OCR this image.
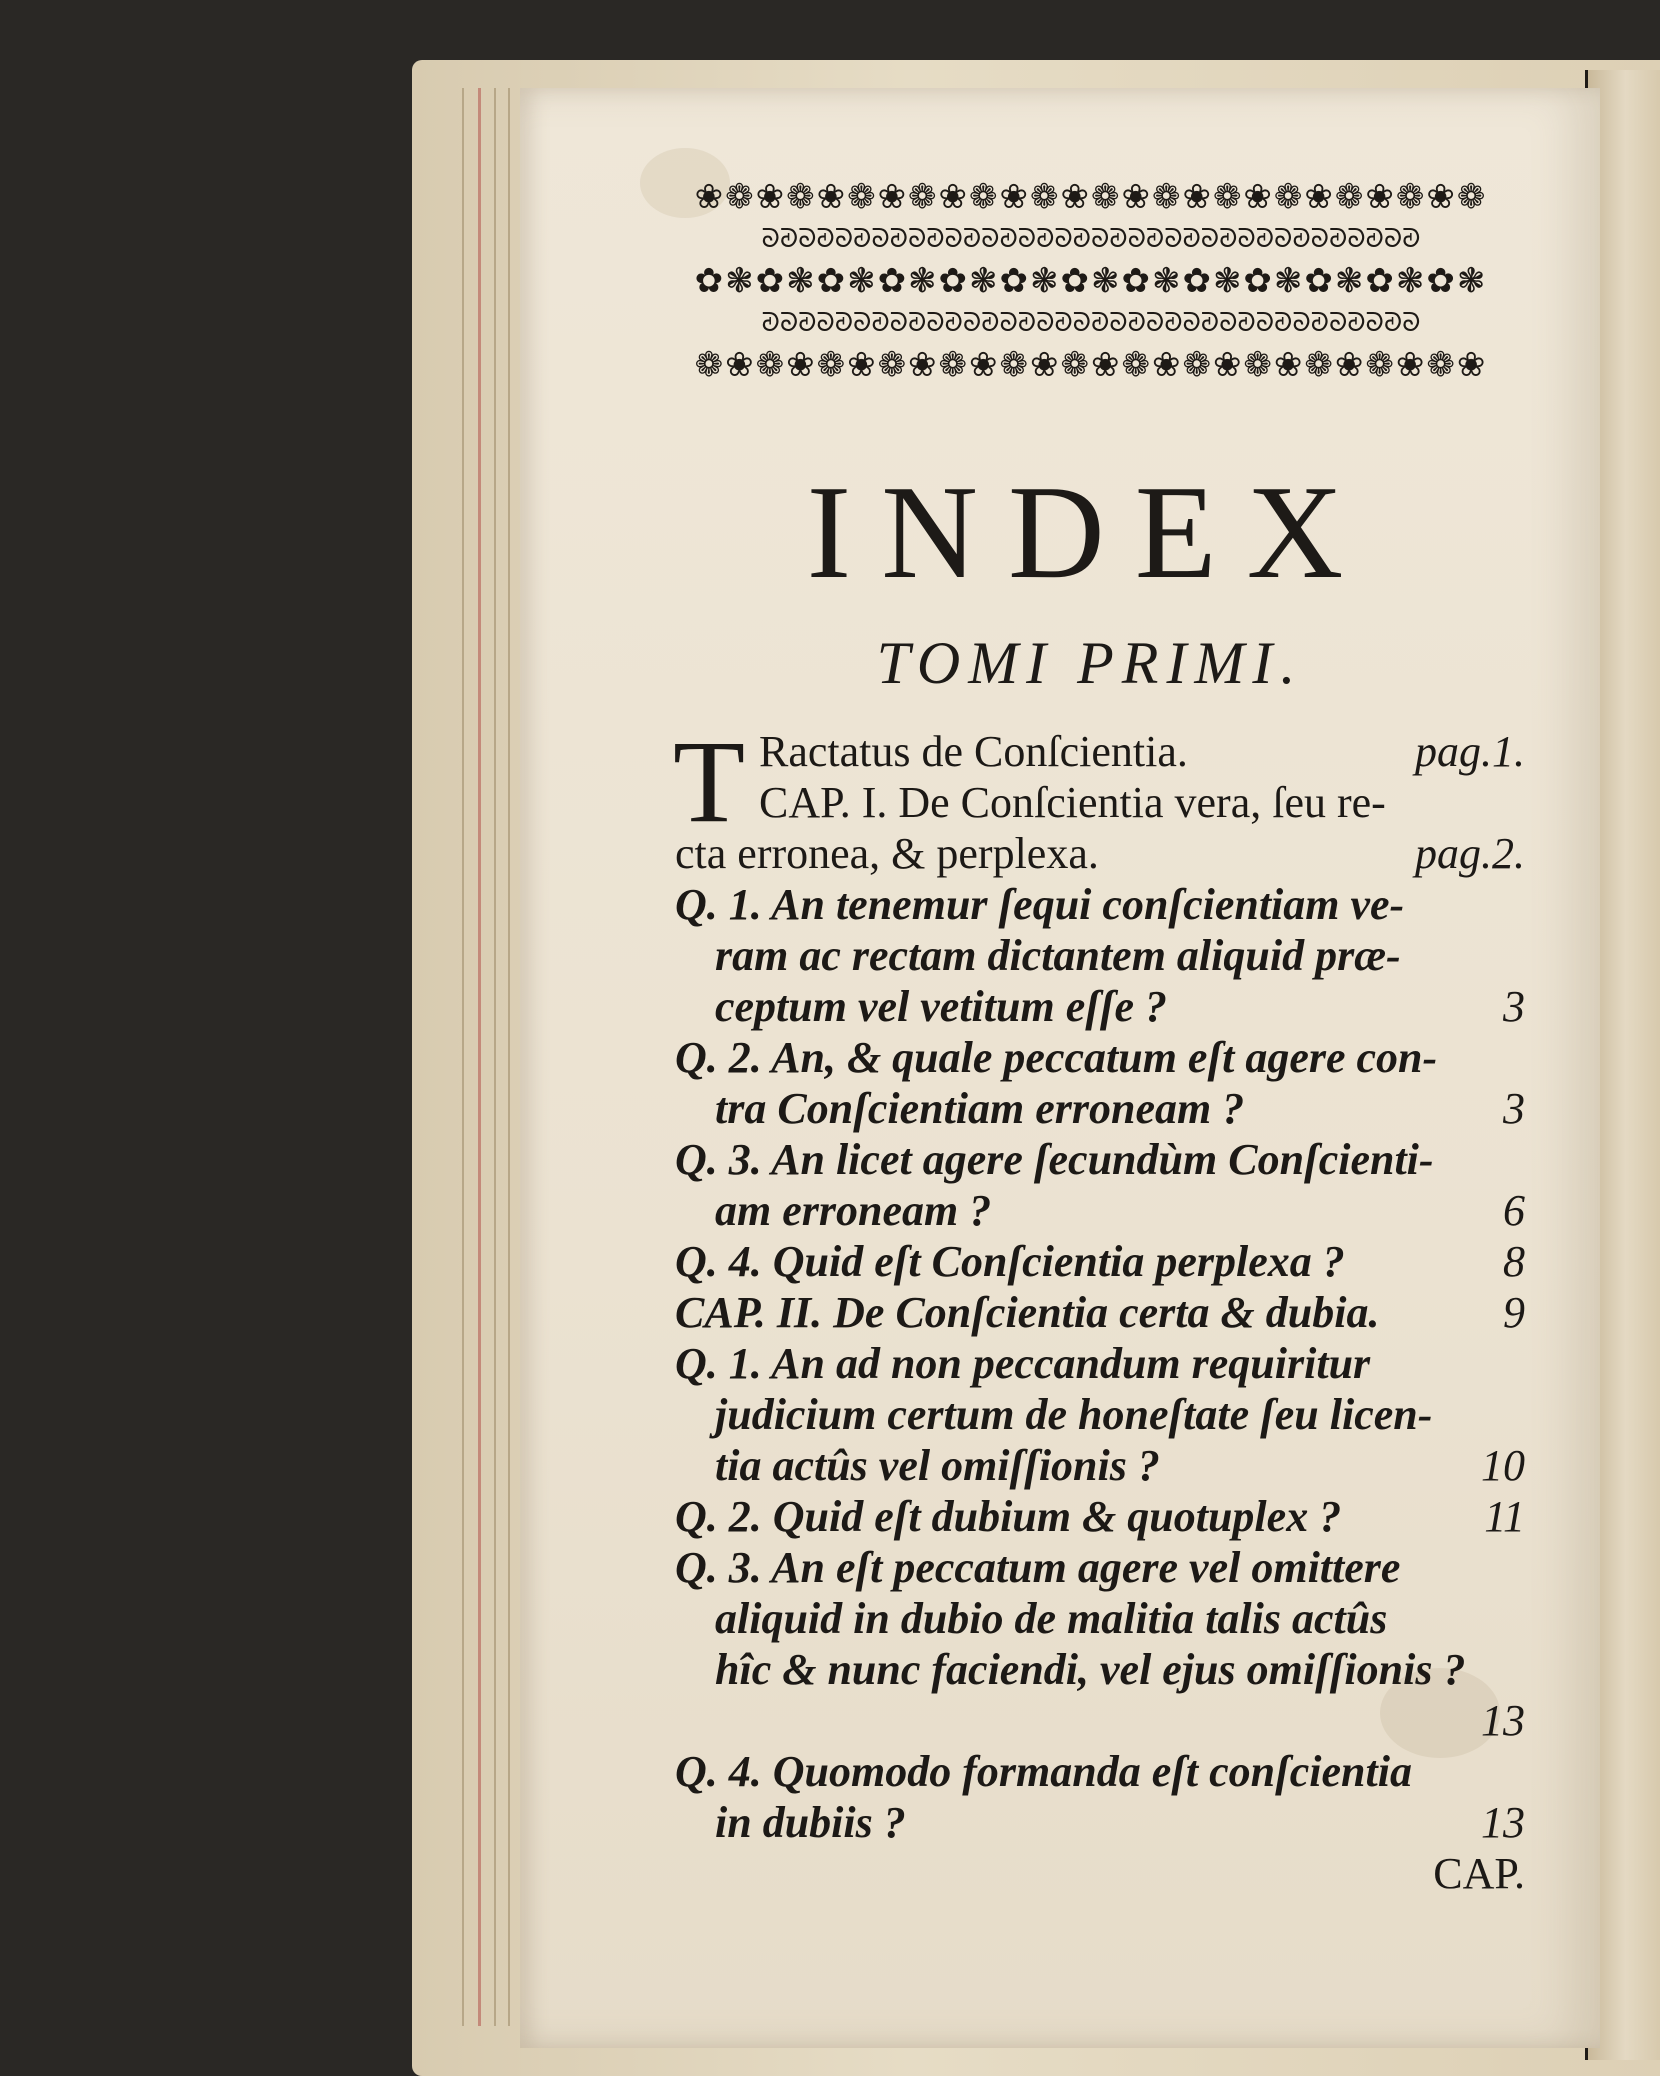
❀❁❀❁❀❁❀❁❀❁❀❁❀❁❀❁❀❁❀❁❀❁❀❁❀❁
ᘐᘑᘐᘑᘐᘑᘐᘑᘐᘑᘐᘑᘐᘑᘐᘑᘐᘑᘐᘑᘐᘑᘐᘑᘐᘑᘐᘑᘐᘑᘐᘑᘐᘑᘐᘑ
✿❃✿❃✿❃✿❃✿❃✿❃✿❃✿❃✿❃✿❃✿❃✿❃✿❃
ᘑᘐᘑᘐᘑᘐᘑᘐᘑᘐᘑᘐᘑᘐᘑᘐᘑᘐᘑᘐᘑᘐᘑᘐᘑᘐᘑᘐᘑᘐᘑᘐᘑᘐᘑᘐ
❁❀❁❀❁❀❁❀❁❀❁❀❁❀❁❀❁❀❁❀❁❀❁❀❁❀
INDEX
TOMI PRIMI.
T Ractatus de Conſcientia.	pag.1.
CAP. I. De Conſcientia vera, ſeu re-
cta erronea, & perplexa.	pag.2.
Q. 1. An tenemur ſequi conſcientiam ve-
ram ac rectam dictantem aliquid præ-
ceptum vel vetitum eſſe ?	3
Q. 2. An, & quale peccatum eſt agere con-
tra Conſcientiam erroneam ?	3
Q. 3. An licet agere ſecundùm Conſcienti-
am erroneam ?	6
Q. 4. Quid eſt Conſcientia perplexa ?	8
CAP. II. De Conſcientia certa & dubia.	9
Q. 1. An ad non peccandum requiritur
judicium certum de honeſtate ſeu licen-
tia actûs vel omiſſionis ?	10
Q. 2. Quid eſt dubium & quotuplex ?	11
Q. 3. An eſt peccatum agere vel omittere
aliquid in dubio de malitia talis actûs
hîc & nunc faciendi, vel ejus omiſſionis ?
13
Q. 4. Quomodo formanda eſt conſcientia
in dubiis ?	13
CAP.
